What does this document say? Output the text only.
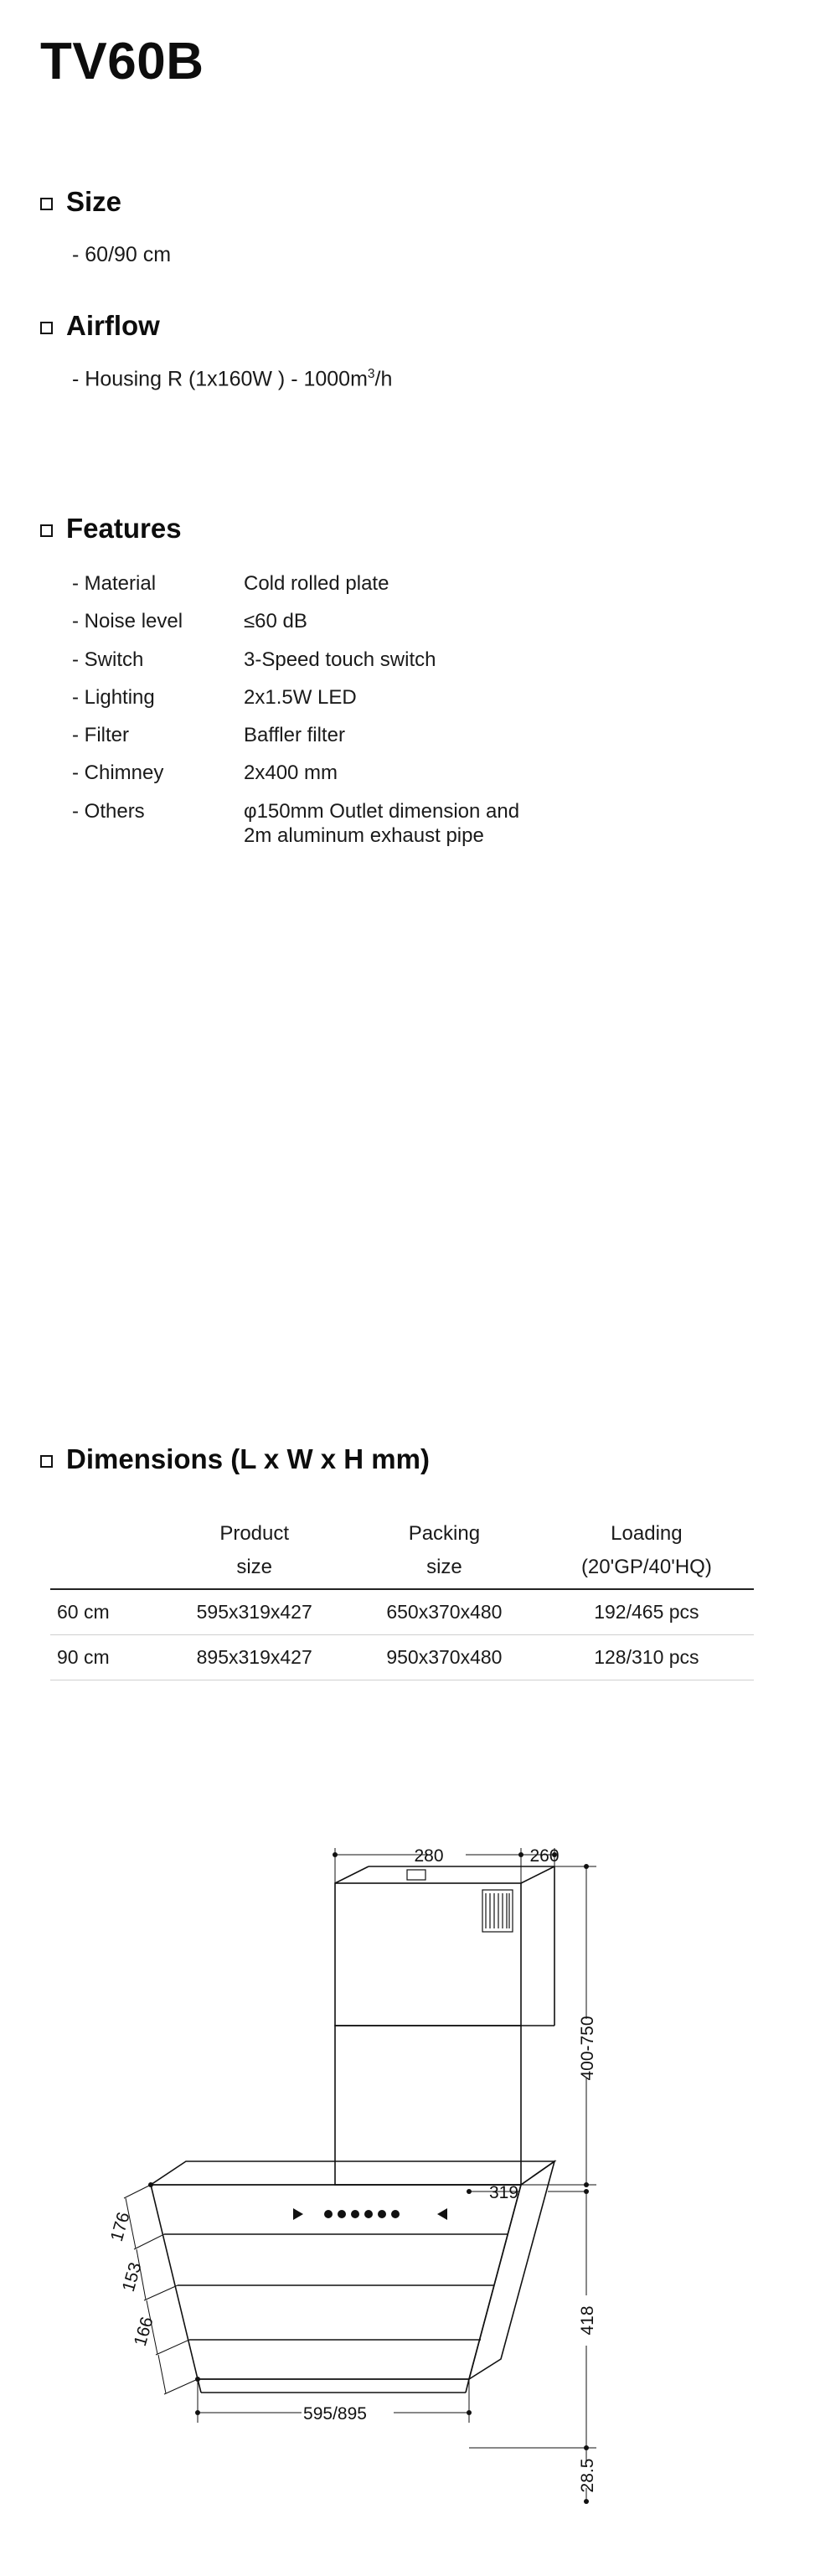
TV60B
Size
- 60/90 cm
Airflow
- Housing R (1x160W ) - $1000m^3/h$
Features
- Material	Cold rolled plate
- Noise level	≤60 dB
- Switch	3-Speed touch switch
- Lighting	2x1.5W LED
- Filter	Baffler filter
- Chimney	2x400 mm
- Others	φ150mm Outlet dimension and
2m aluminum exhaust pipe
Dimensions (L x W x H mm)
	Product	Packing	Loading
	size	size	(20'GP/40'HQ)
60 cm	595x319x427	650x370x480	192/465 pcs
90 cm	895x319x427	950x370x480	128/310 pcs
280	260
319
595/895
400-750
418
28.5
176
153
166
